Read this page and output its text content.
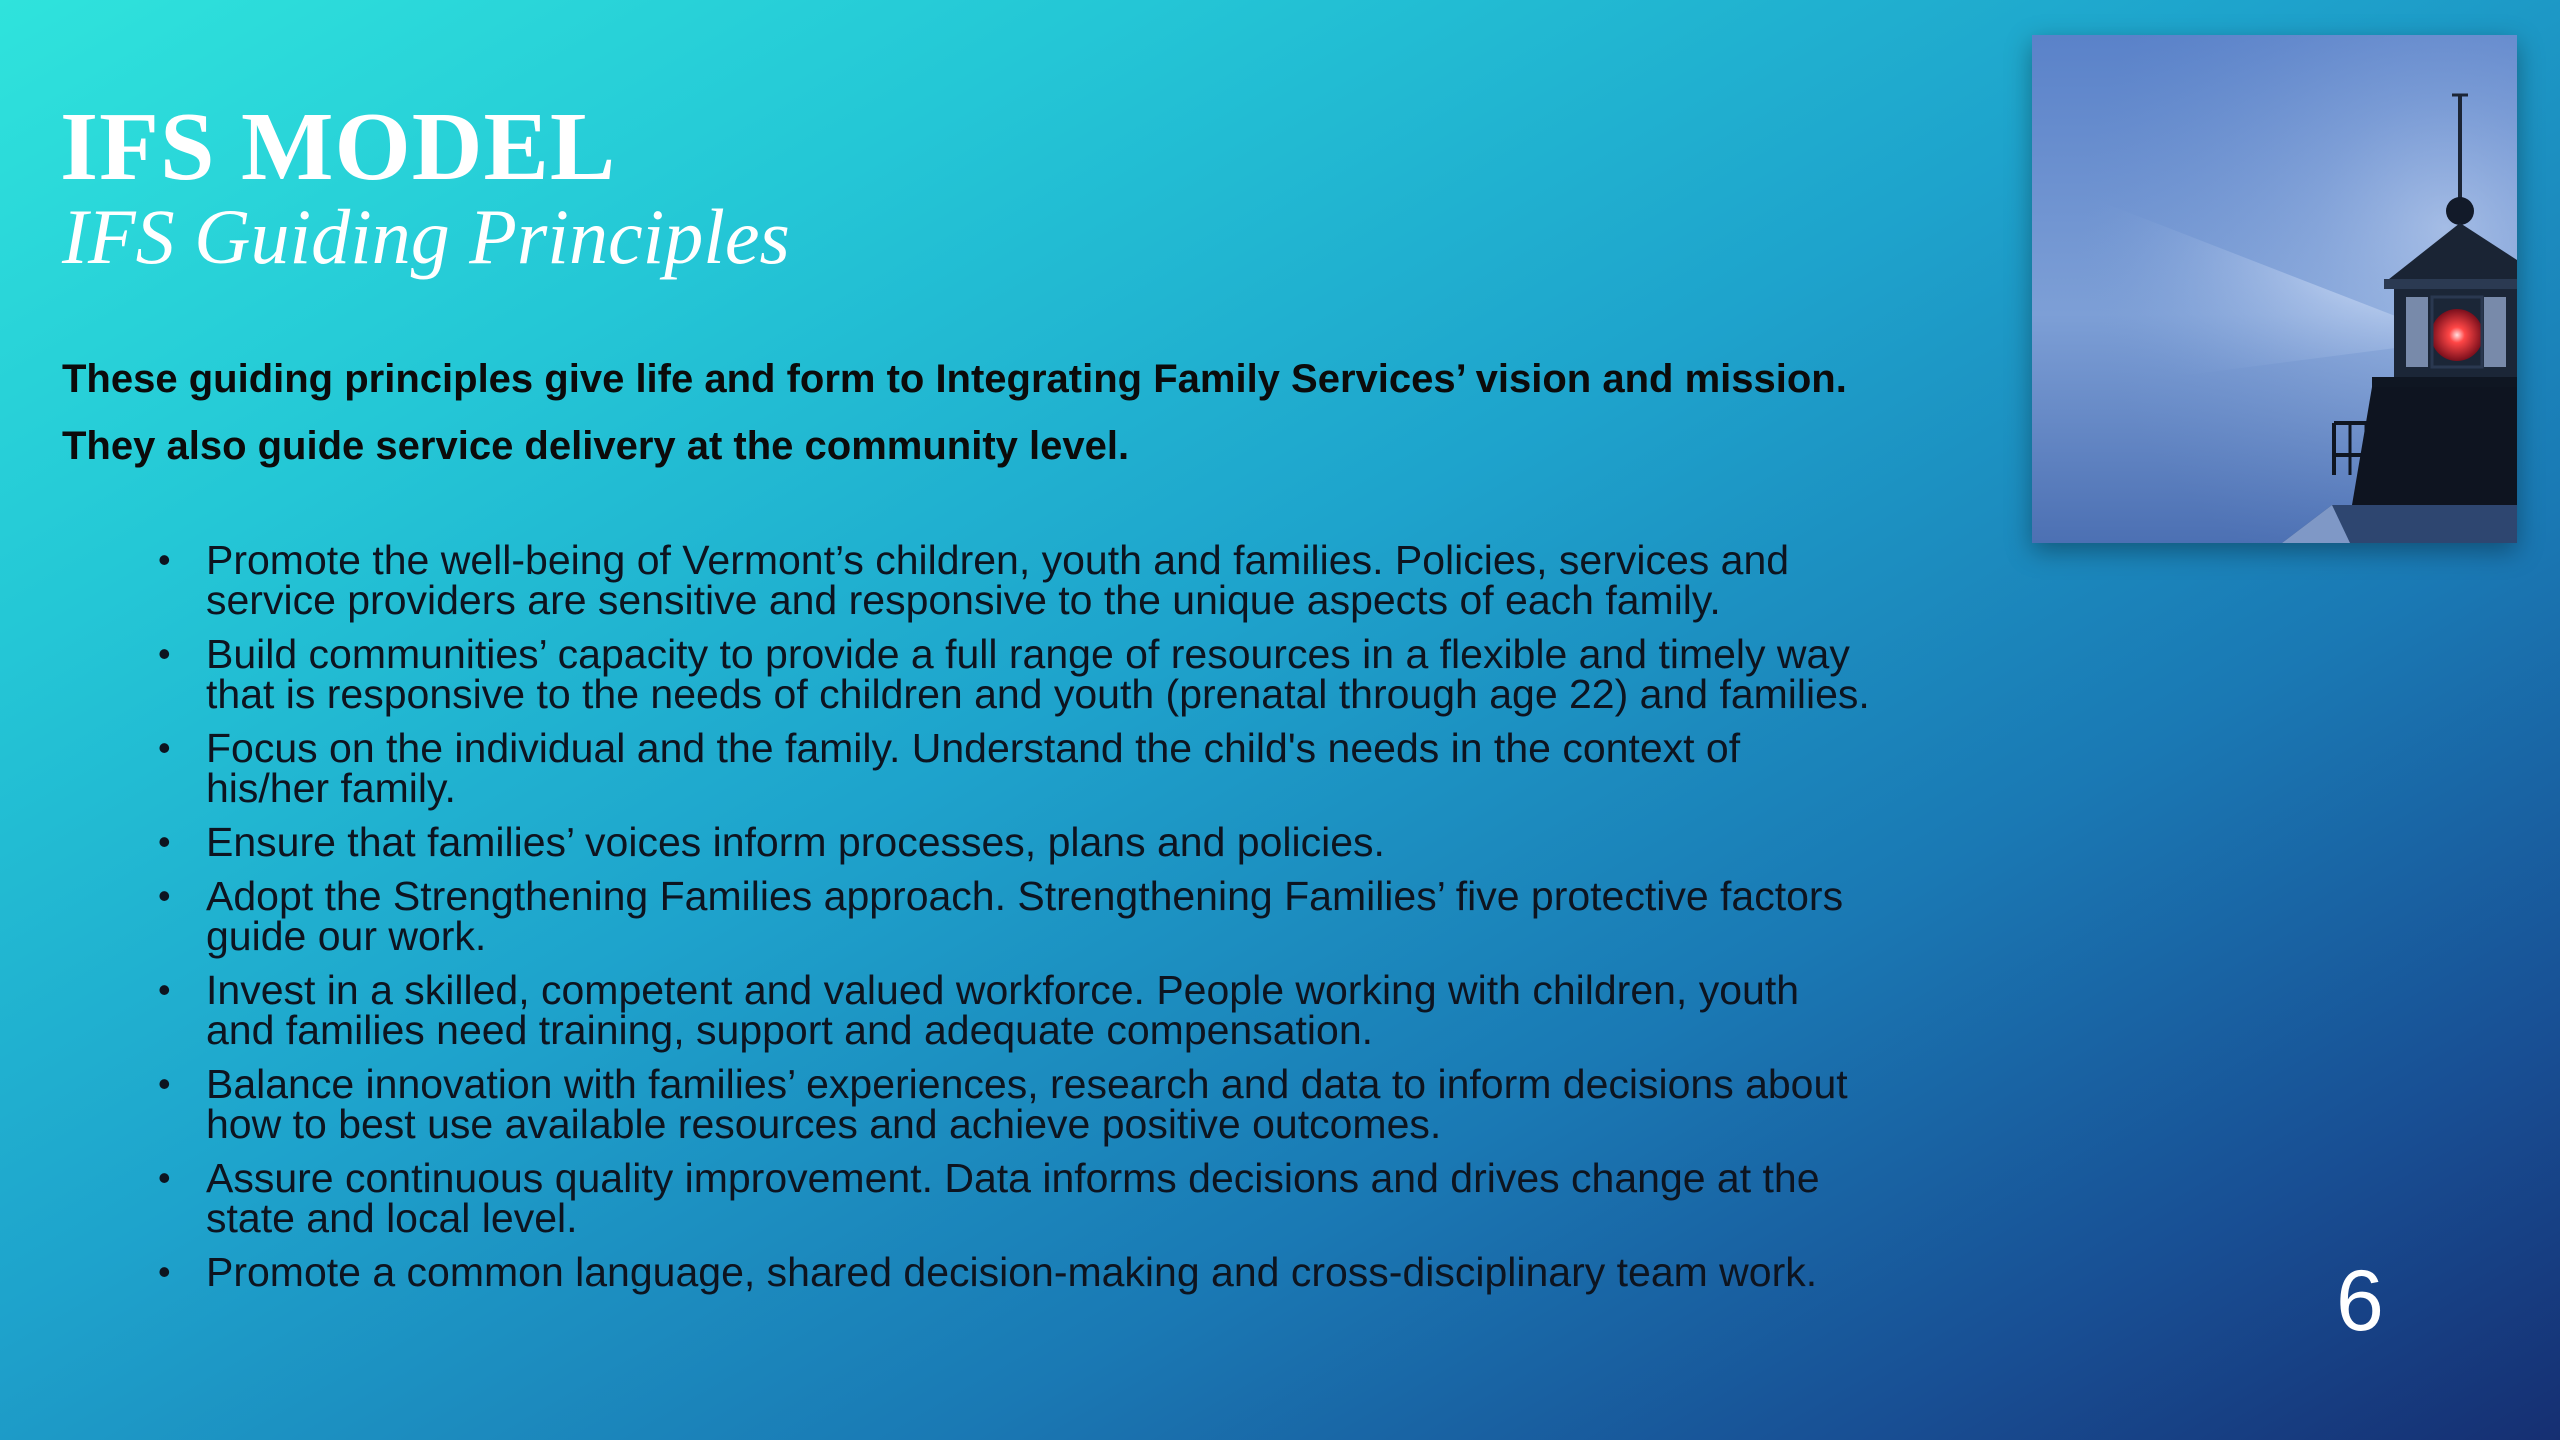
IFS MODEL
IFS Guiding Principles

These guiding principles give life and form to Integrating Family Services’ vision and mission.

They also guide service delivery at the community level.

• Promote the well-being of Vermont’s children, youth and families. Policies, services and
service providers are sensitive and responsive to the unique aspects of each family.
• Build communities’ capacity to provide a full range of resources in a flexible and timely way
that is responsive to the needs of children and youth (prenatal through age 22) and families.
• Focus on the individual and the family. Understand the child's needs in the context of
his/her family.
• Ensure that families’ voices inform processes, plans and policies.
• Adopt the Strengthening Families approach. Strengthening Families’ five protective factors
guide our work.
• Invest in a skilled, competent and valued workforce. People working with children, youth
and families need training, support and adequate compensation.
• Balance innovation with families’ experiences, research and data to inform decisions about
how to best use available resources and achieve positive outcomes.
• Assure continuous quality improvement. Data informs decisions and drives change at the
state and local level.
• Promote a common language, shared decision-making and cross-disciplinary team work.	6
